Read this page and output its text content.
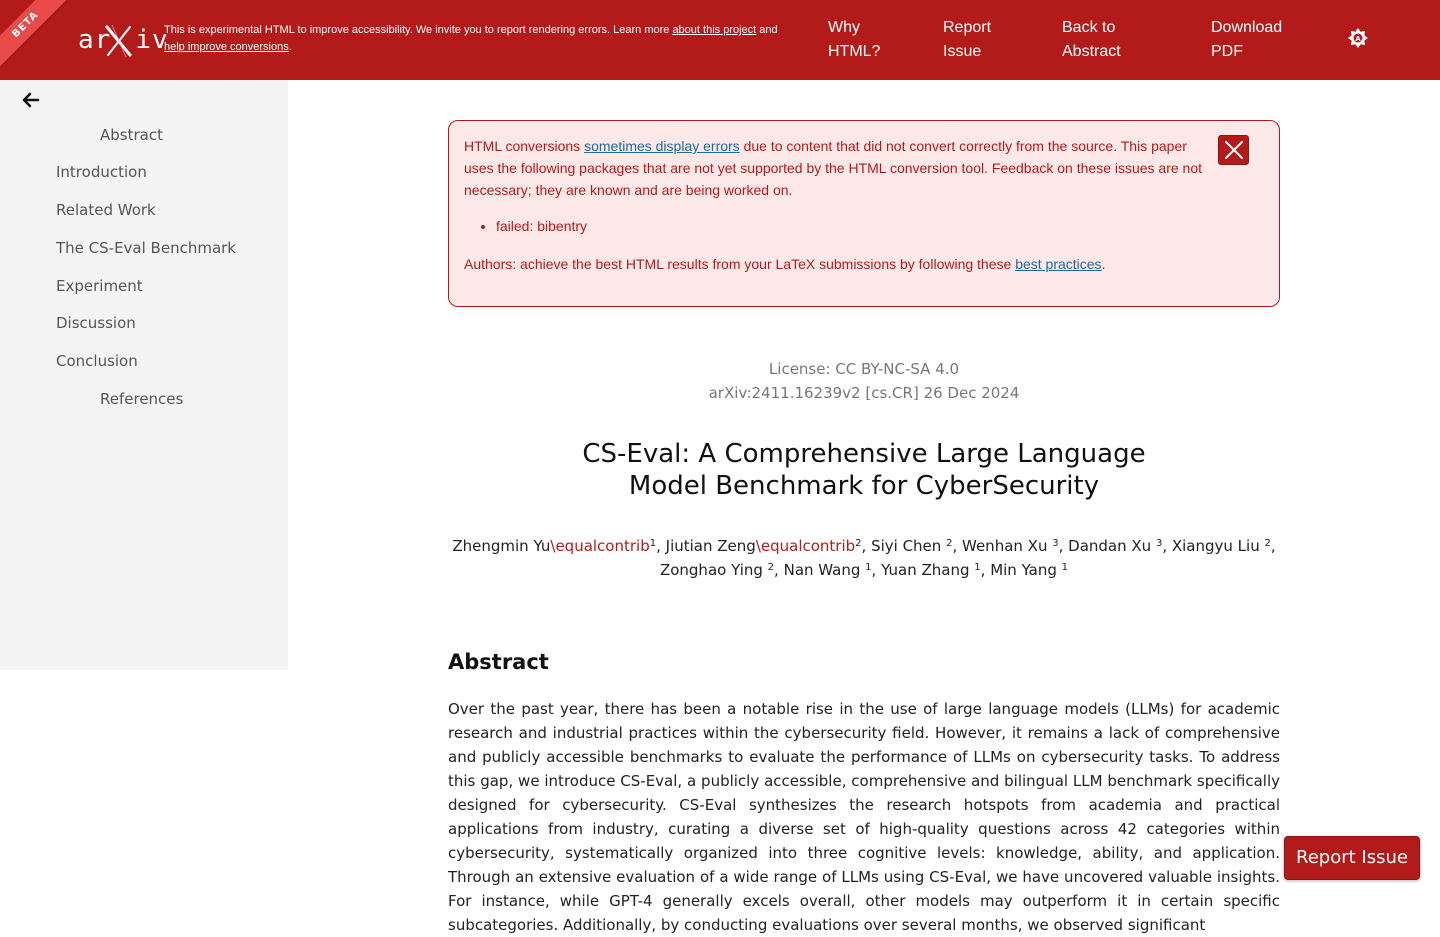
BETA
ar iv
This is experimental HTML to improve accessibility. We invite you to report rendering errors. Learn more about this project and
help improve conversions.
Why
HTML?
Report
Issue
Back to
Abstract
Download
PDF
A
Abstract
Introduction
Related Work
The CS-Eval Benchmark
Experiment
Discussion
Conclusion
References

HTML conversions sometimes display errors due to content that did not convert correctly from the source. This paper uses the following packages that are not yet supported by the HTML conversion tool. Feedback on these issues are not necessary; they are known and are being worked on.

• failed: bibentry

Authors: achieve the best HTML results from your LaTeX submissions by following these best practices.

License: CC BY-NC-SA 4.0
arXiv:2411.16239v2 [cs.CR] 26 Dec 2024
CS-Eval: A Comprehensive Large Language
Model Benchmark for CyberSecurity
Zhengmin Yu\equalcontrib$^1$, Jiutian Zeng\equalcontrib$^2$, Siyi Chen $^2$, Wenhan Xu $^3$, Dandan Xu $^3$, Xiangyu Liu $^2$,
Zonghao Ying $^2$, Nan Wang $^1$, Yuan Zhang $^1$, Min Yang $^1$
Abstract

Over the past year, there has been a notable rise in the use of large language models (LLMs) for academic research and industrial practices within the cybersecurity field. However, it remains a lack of comprehensive and publicly accessible benchmarks to evaluate the performance of LLMs on cybersecurity tasks. To address this gap, we introduce CS-Eval, a publicly accessible, comprehensive and bilingual LLM benchmark specifically designed for cybersecurity. CS-Eval synthesizes the research hotspots from academia and practical applications from industry, curating a diverse set of high-quality questions across 42 categories within cybersecurity, systematically organized into three cognitive levels: knowledge, ability, and application. Through an extensive evaluation of a wide range of LLMs using CS-Eval, we have uncovered valuable insights. For instance, while GPT-4 generally excels overall, other models may outperform it in certain specific subcategories. Additionally, by conducting evaluations over several months, we observed significant

Report Issue
